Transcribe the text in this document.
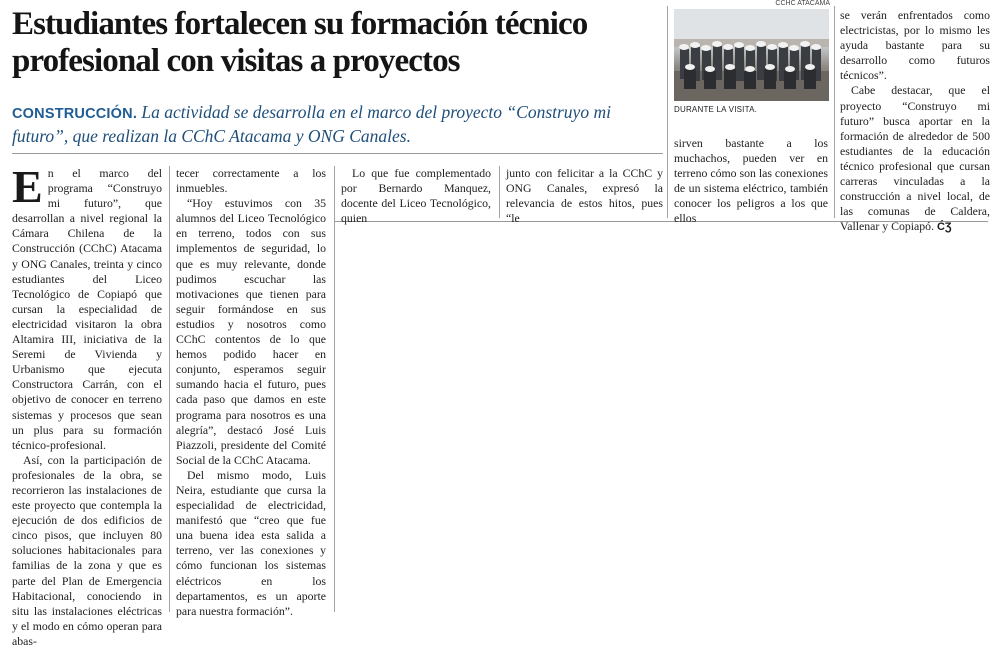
Estudiantes fortalecen su formación técnico profesional con visitas a proyectos
CONSTRUCCIÓN. La actividad se desarrolla en el marco del proyecto “Construyo mi futuro”, que realizan la CChC Atacama y ONG Canales.
CCHC ATACAMA
DURANTE LA VISITA.

En el marco del programa “Construyo mi futuro”, que desarrollan a nivel regional la Cámara Chilena de la Construcción (CChC) Atacama y ONG Canales, treinta y cinco estudiantes del Liceo Tecnológico de Copiapó que cursan la especialidad de electricidad visitaron la obra Altamira III, iniciativa de la Seremi de Vivienda y Urbanismo que ejecuta Constructora Carrán, con el objetivo de conocer en terreno sistemas y procesos que sean un plus para su formación técnico-profesional.

Así, con la participación de profesionales de la obra, se recorrieron las instalaciones de este proyecto que contempla la ejecución de dos edificios de cinco pisos, que incluyen 80 soluciones habitacionales para familias de la zona y que es parte del Plan de Emergencia Habitacional, conociendo in situ las instalaciones eléctricas y el modo en cómo operan para abas-

tecer correctamente a los inmuebles.

“Hoy estuvimos con 35 alumnos del Liceo Tecnológico en terreno, todos con sus implementos de seguridad, lo que es muy relevante, donde pudimos escuchar las motivaciones que tienen para seguir formándose en sus estudios y nosotros como CChC contentos de lo que hemos podido hacer en conjunto, esperamos seguir sumando hacia el futuro, pues cada paso que damos en este programa para nosotros es una alegría”, destacó José Luis Piazzoli, presidente del Comité Social de la CChC Atacama.

Del mismo modo, Luis Neira, estudiante que cursa la especialidad de electricidad, manifestó que “creo que fue una buena idea esta salida a terreno, ver las conexiones y cómo funcionan los sistemas eléctricos en los departamentos, es un aporte para nuestra formación”.

Lo que fue complementado por Bernardo Manquez, docente del Liceo Tecnológico, quien

junto con felicitar a la CChC y ONG Canales, expresó la relevancia de estos hitos, pues “le

sirven bastante a los muchachos, pueden ver en terreno cómo son las conexiones de un sistema eléctrico, también conocer los peligros a los que ellos

se verán enfrentados como electricistas, por lo mismo les ayuda bastante para su desarrollo como futuros técnicos”.

Cabe destacar, que el proyecto “Construyo mi futuro” busca aportar en la formación de alrededor de 500 estudiantes de la educación técnico profesional que cursan carreras vinculadas a la construcción a nivel local, de las comunas de Caldera, Vallenar y Copiapó. ĆƷ
